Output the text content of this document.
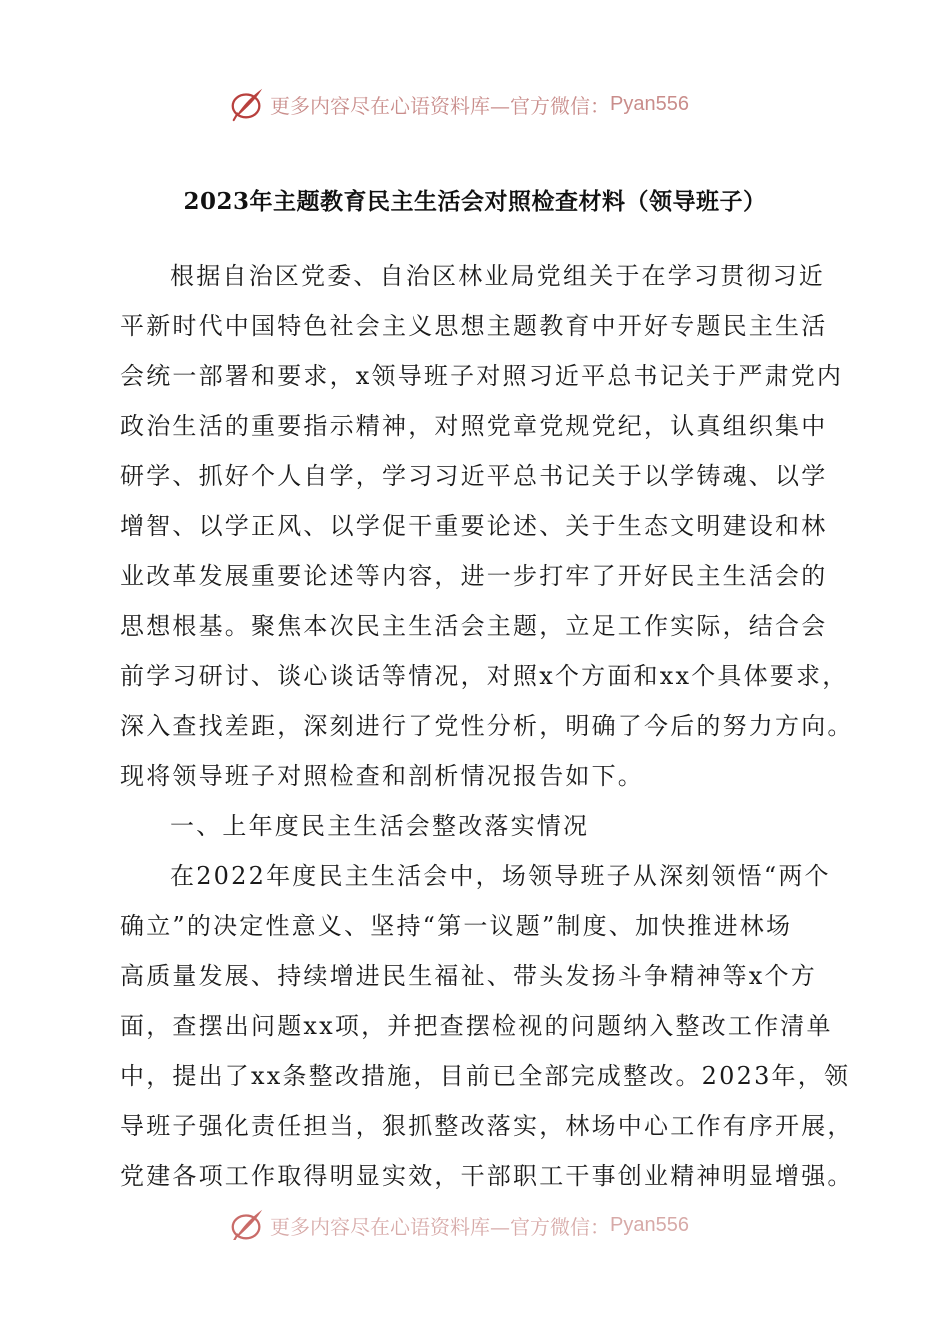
更多内容尽在心语资料库—官方微信： Pyan556
2023年主题教育民主生活会对照检查材料（领导班子）
根据自治区党委、自治区林业局党组关于在学习贯彻习近
平新时代中国特色社会主义思想主题教育中开好专题民主生活
会统一部署和要求，x领导班子对照习近平总书记关于严肃党内
政治生活的重要指示精神，对照党章党规党纪，认真组织集中
研学、抓好个人自学，学习习近平总书记关于以学铸魂、以学
增智、以学正风、以学促干重要论述、关于生态文明建设和林
业改革发展重要论述等内容，进一步打牢了开好民主生活会的
思想根基。聚焦本次民主生活会主题，立足工作实际，结合会
前学习研讨、谈心谈话等情况，对照x个方面和xx个具体要求，
深入查找差距，深刻进行了党性分析，明确了今后的努力方向。
现将领导班子对照检查和剖析情况报告如下。
一、上年度民主生活会整改落实情况
在2022年度民主生活会中，场领导班子从深刻领悟“两个
确立”的决定性意义、坚持“第一议题”制度、加快推进林场
高质量发展、持续增进民生福祉、带头发扬斗争精神等x个方
面，查摆出问题xx项，并把查摆检视的问题纳入整改工作清单
中，提出了xx条整改措施，目前已全部完成整改。2023年，领
导班子强化责任担当，狠抓整改落实，林场中心工作有序开展，
党建各项工作取得明显实效，干部职工干事创业精神明显增强。
更多内容尽在心语资料库—官方微信： Pyan556
